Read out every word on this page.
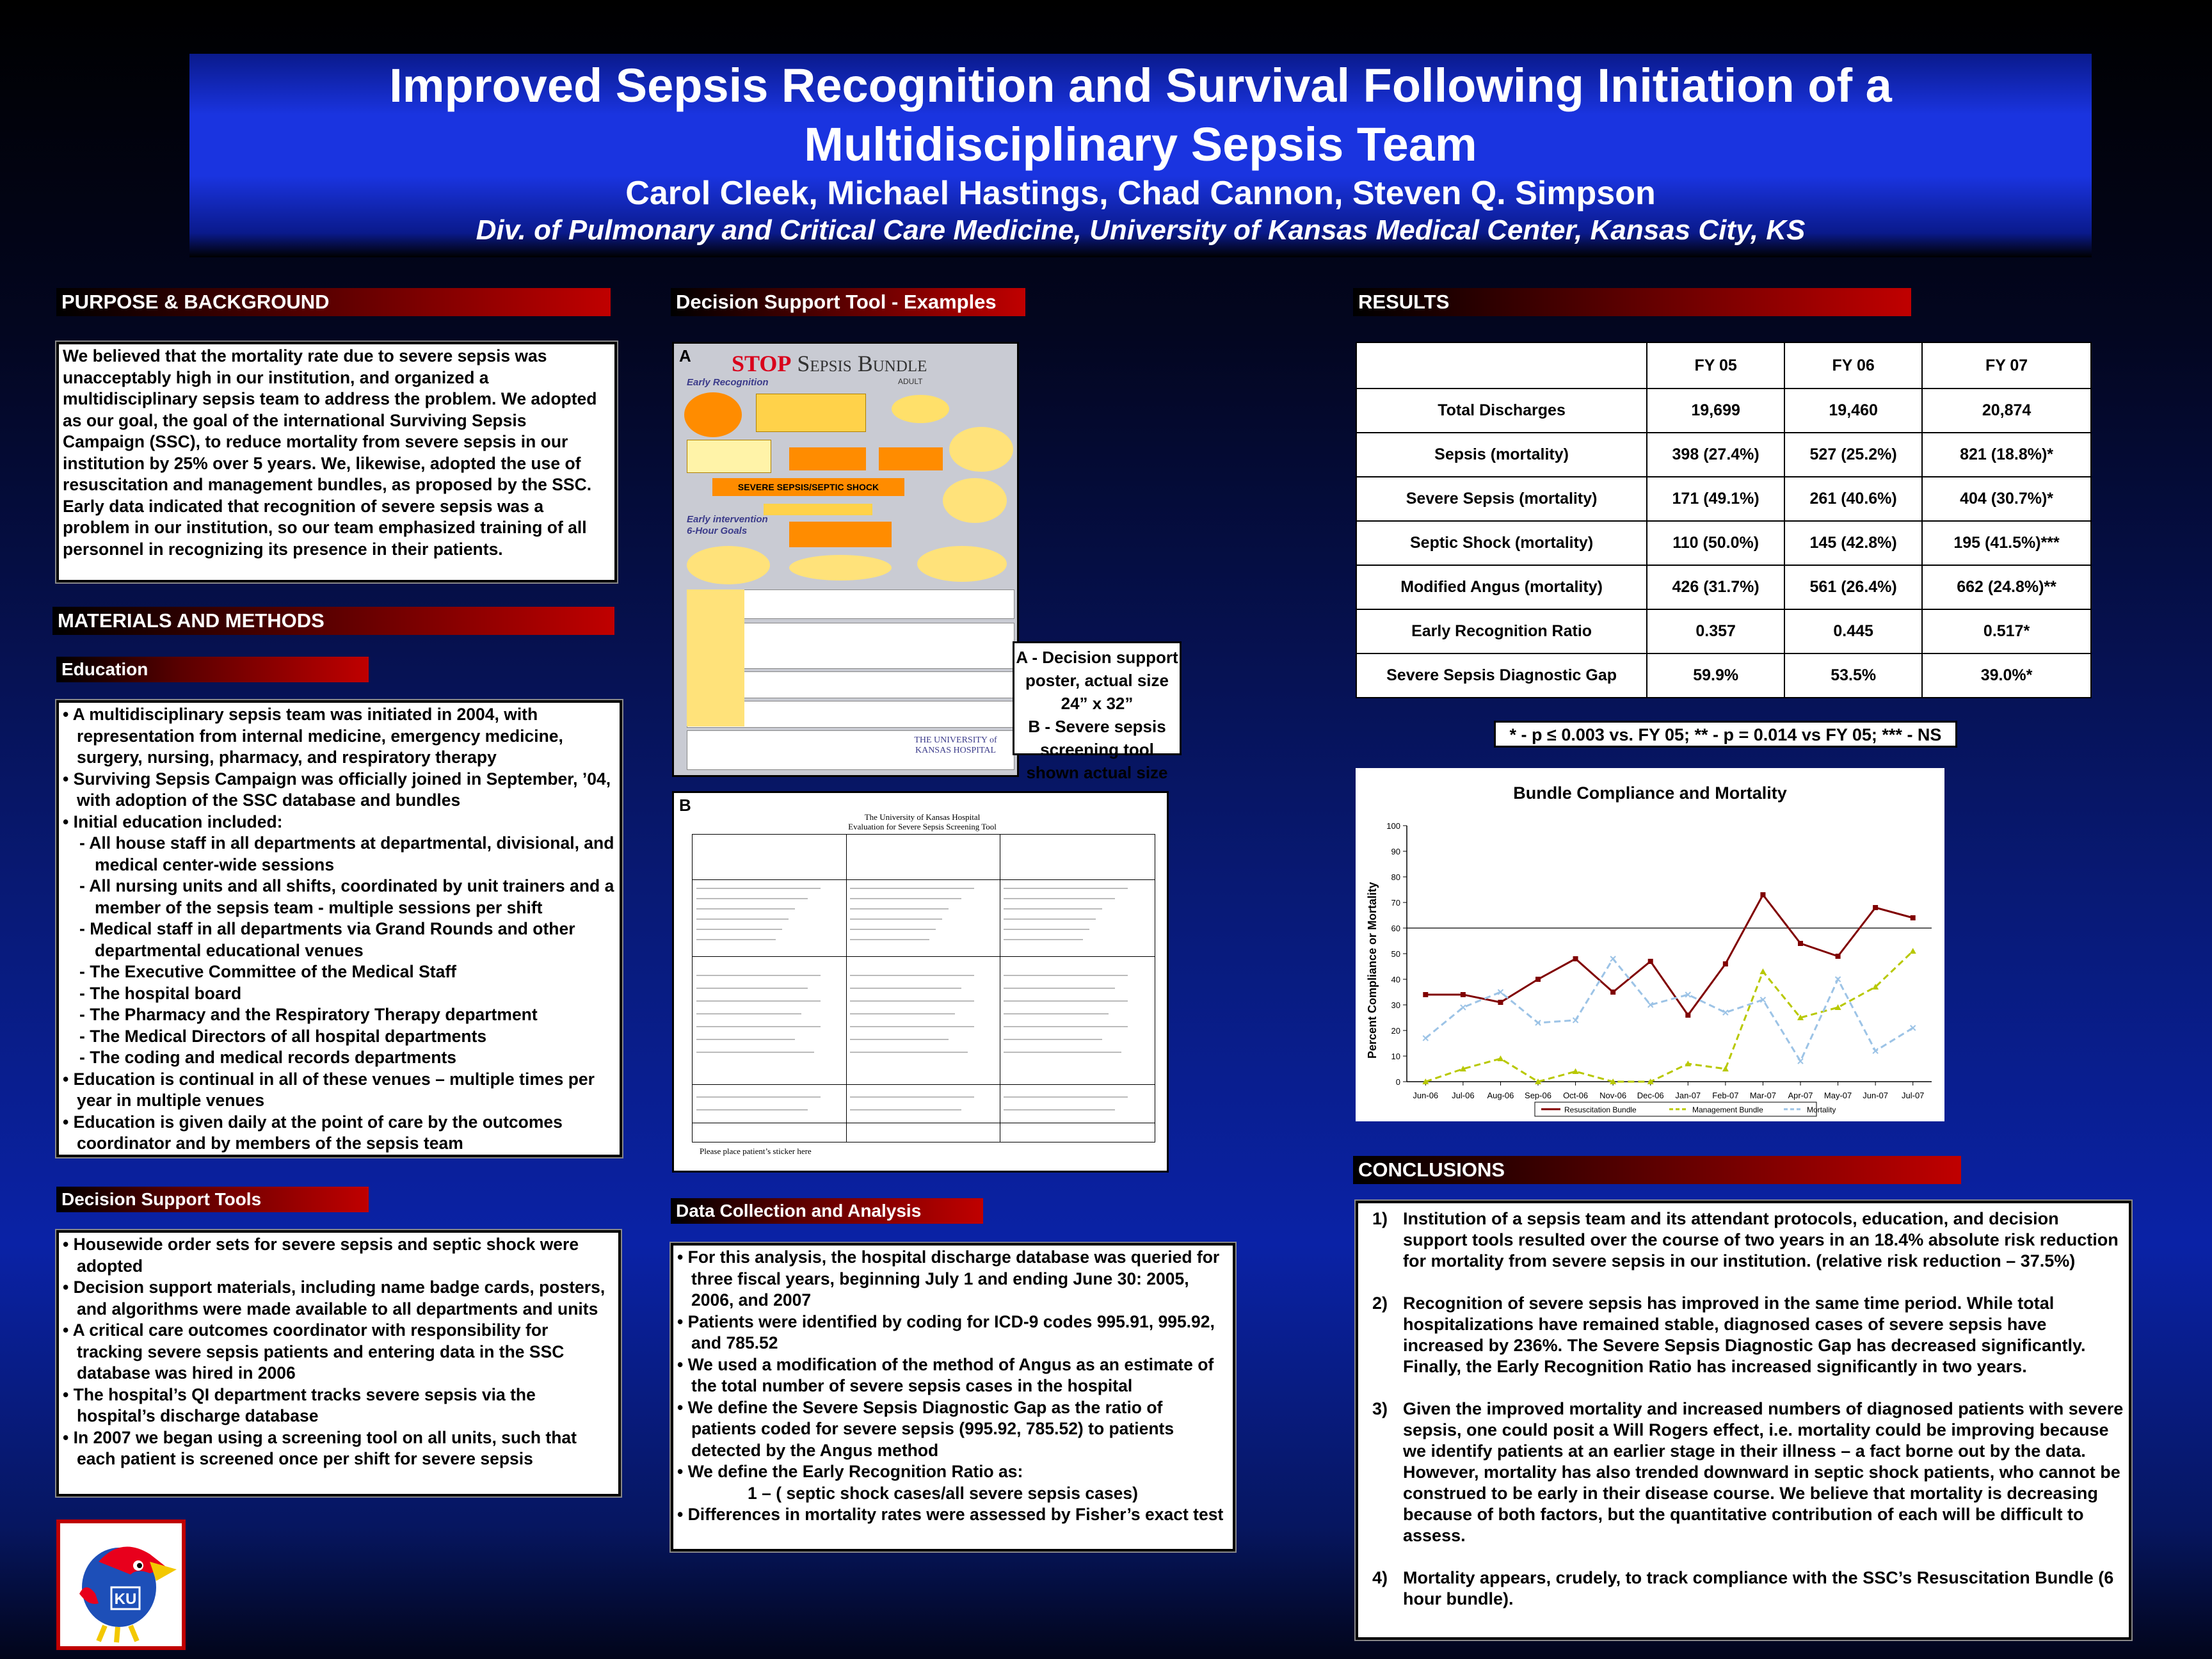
Improved Sepsis Recognition and Survival Following Initiation of a
Multidisciplinary Sepsis Team
Carol Cleek, Michael Hastings, Chad Cannon, Steven Q. Simpson
Div. of Pulmonary and Critical Care Medicine, University of Kansas Medical Center, Kansas City, KS
PURPOSE & BACKGROUND

We believed that the mortality rate due to severe sepsis was unacceptably high in our institution, and organized a multidisciplinary sepsis team to address the problem. We adopted as our goal, the goal of the international Surviving Sepsis Campaign (SSC), to reduce mortality from severe sepsis in our institution by 25% over 5 years. We, likewise, adopted the use of resuscitation and management bundles, as proposed by the SSC. Early data indicated that recognition of severe sepsis was a problem in our institution, so our team emphasized training of all personnel in recognizing its presence in their patients.

MATERIALS AND METHODS
Education
• A multidisciplinary sepsis team was initiated in 2004, with representation from internal medicine, emergency medicine, surgery, nursing, pharmacy, and respiratory therapy
• Surviving Sepsis Campaign was officially joined in September, ’04, with adoption of the SSC database and bundles
• Initial education included:
- All house staff in all departments at departmental, divisional, and medical center-wide sessions
- All nursing units and all shifts, coordinated by unit trainers and a member of the sepsis team - multiple sessions per shift
- Medical staff in all departments via Grand Rounds and other departmental educational venues
- The Executive Committee of the Medical Staff
- The hospital board
- The Pharmacy and the Respiratory Therapy department
- The Medical Directors of all hospital departments
- The coding and medical records departments
• Education is continual in all of these venues – multiple times per year in multiple venues
• Education is given daily at the point of care by the outcomes coordinator and by members of the sepsis team
Decision Support Tools
• Housewide order sets for severe sepsis and septic shock were adopted
• Decision support materials, including name badge cards, posters, and algorithms were made available to all departments and units
• A critical care outcomes coordinator with responsibility for tracking severe sepsis patients and entering data in the SSC database was hired in 2006
• The hospital’s QI department tracks severe sepsis via the hospital’s discharge database
• In 2007 we began using a screening tool on all units, such that each patient is screened once per shift for severe sepsis
KU
Decision Support Tool - Examples
A STOP Sepsis Bundle
ADULT
Early Recognition
SEVERE SEPSIS/SEPTIC SHOCK
Early intervention
6-Hour Goals
THE UNIVERSITY of KANSAS HOSPITAL
A - Decision support poster, actual size 24” x 32”
B - Severe sepsis screening tool shown actual size
B
The University of Kansas Hospital
Evaluation for Severe Sepsis Screening Tool
Please place patient’s sticker here
Data Collection and Analysis
• For this analysis, the hospital discharge database was queried for three fiscal years, beginning July 1 and ending June 30: 2005, 2006, and 2007
• Patients were identified by coding for ICD-9 codes 995.91, 995.92, and 785.52
• We used a modification of the method of Angus as an estimate of the total number of severe sepsis cases in the hospital
• We define the Severe Sepsis Diagnostic Gap as the ratio of patients coded for severe sepsis (995.92, 785.52) to patients detected by the Angus method
• We define the Early Recognition Ratio as:
1 – ( septic shock cases/all severe sepsis cases)
• Differences in mortality rates were assessed by Fisher’s exact test
RESULTS
	FY 05	FY 06	FY 07
Total Discharges	19,699	19,460	20,874
Sepsis (mortality)	398 (27.4%)	527 (25.2%)	821 (18.8%)*
Severe Sepsis (mortality)	171 (49.1%)	261 (40.6%)	404 (30.7%)*
Septic Shock (mortality)	110 (50.0%)	145 (42.8%)	195 (41.5%)***
Modified Angus (mortality)	426 (31.7%)	561 (26.4%)	662 (24.8%)**
Early Recognition Ratio	0.357	0.445	0.517*
Severe Sepsis Diagnostic Gap	59.9%	53.5%	39.0%*
* - p ≤ 0.003 vs. FY 05; ** - p = 0.014 vs FY 05; *** - NS
Bundle Compliance and Mortality
Percent Compliance or Mortality
0
10
20
30
40
50
60
70
80
90
100
Jun-06 Jul-06 Aug-06 Sep-06 Oct-06 Nov-06 Dec-06 Jan-07 Feb-07 Mar-07 Apr-07 May-07 Jun-07 Jul-07
Resuscitation Bundle	Management Bundle	Mortality
CONCLUSIONS
1) Institution of a sepsis team and its attendant protocols, education, and decision support tools resulted over the course of two years in an 18.4% absolute risk reduction for mortality from severe sepsis in our institution. (relative risk reduction – 37.5%)
2) Recognition of severe sepsis has improved in the same time period. While total hospitalizations have remained stable, diagnosed cases of severe sepsis have increased by 236%. The Severe Sepsis Diagnostic Gap has decreased significantly. Finally, the Early Recognition Ratio has increased significantly in two years.
3) Given the improved mortality and increased numbers of diagnosed patients with severe sepsis, one could posit a Will Rogers effect, i.e. mortality could be improving because we identify patients at an earlier stage in their illness – a fact borne out by the data. However, mortality has also trended downward in septic shock patients, who cannot be construed to be early in their disease course. We believe that mortality is decreasing because of both factors, but the quantitative contribution of each will be difficult to assess.
4) Mortality appears, crudely, to track compliance with the SSC’s Resuscitation Bundle (6 hour bundle).
